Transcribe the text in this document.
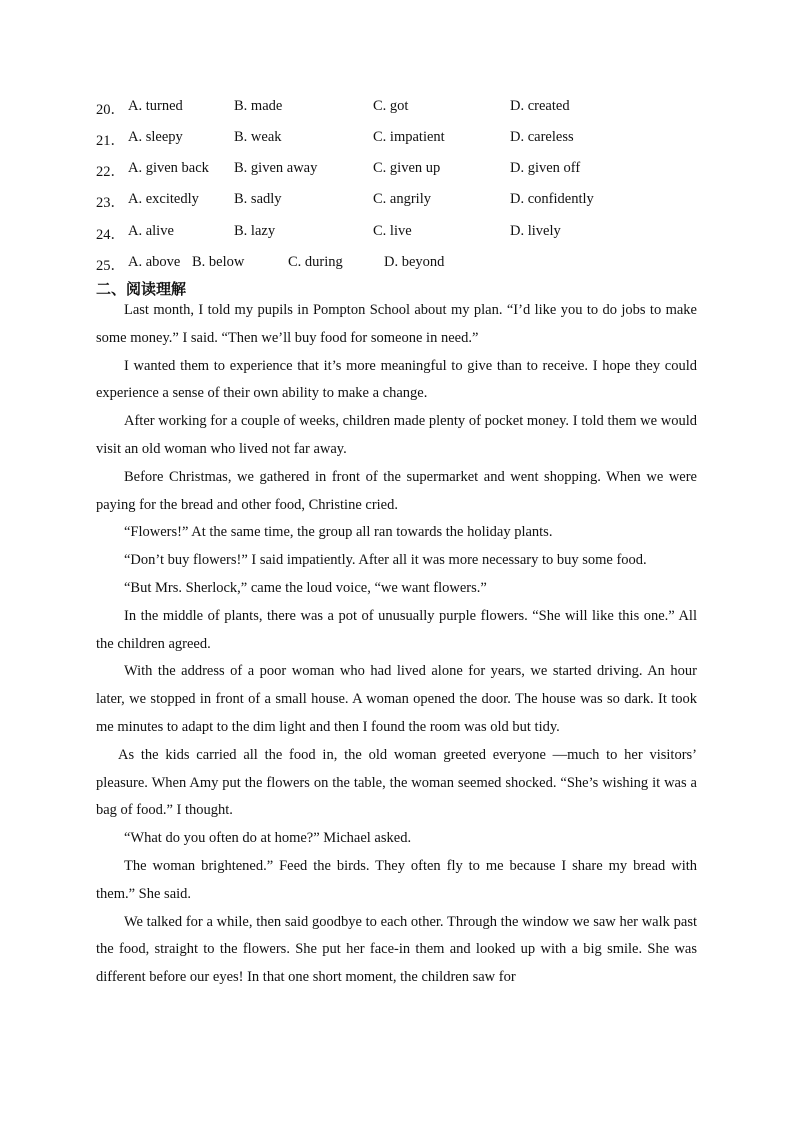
20． A. turned	B. made	C. got	D. created
21． A. sleepy	B. weak	C. impatient	D. careless
22． A. given back B. given away	C. given up	D. given off
23． A. excitedly B. sadly	C. angrily	D. confidently
24． A. alive	B. lazy	C. live	D. lively
25． A. above B. below	C. during	D. beyond
二、阅读理解

Last month, I told my pupils in Pompton School about my plan. “I’d like you to do jobs to make some money.” I said. “Then we’ll buy food for someone in need.”

I wanted them to experience that it’s more meaningful to give than to receive. I hope they could experience a sense of their own ability to make a change.

After working for a couple of weeks, children made plenty of pocket money. I told them we would visit an old woman who lived not far away.

Before Christmas, we gathered in front of the supermarket and went shopping. When we were paying for the bread and other food, Christine cried.

“Flowers!” At the same time, the group all ran towards the holiday plants.

“Don’t buy flowers!” I said impatiently. After all it was more necessary to buy some food.

“But Mrs. Sherlock,” came the loud voice, “we want flowers.”

In the middle of plants, there was a pot of unusually purple flowers. “She will like this one.” All the children agreed.

With the address of a poor woman who had lived alone for years, we started driving. An hour later, we stopped in front of a small house. A woman opened the door. The house was so dark. It took me minutes to adapt to the dim light and then I found the room was old but tidy.

As the kids carried all the food in, the old woman greeted everyone —much to her visitors’ pleasure. When Amy put the flowers on the table, the woman seemed shocked. “She’s wishing it was a bag of food.” I thought.

“What do you often do at home?” Michael asked.

The woman brightened.” Feed the birds. They often fly to me because I share my bread with them.” She said.

We talked for a while, then said goodbye to each other. Through the window we saw her walk past the food, straight to the flowers. She put her face-in them and looked up with a big smile. She was different before our eyes! In that one short moment, the children saw for
